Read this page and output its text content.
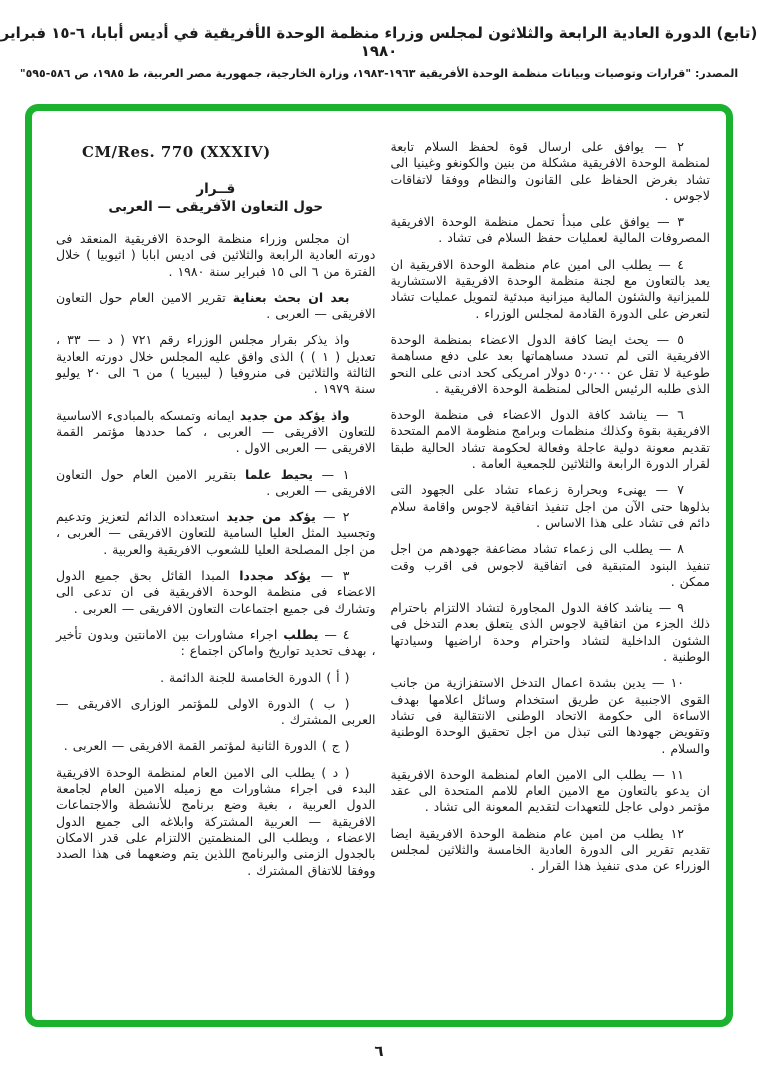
(تابع) الدورة العادية الرابعة والثلاثون لمجلس وزراء منظمة الوحدة الأفريقية في أديس أبابا، ٦-١٥ فبراير ١٩٨٠
المصدر: "قرارات وتوصيات وبيانات منظمة الوحدة الأفريقية ١٩٦٣-١٩٨٣، وزارة الخارجية، جمهورية مصر العربية، ط ١٩٨٥، ص ٥٨٦-٥٩٥"

٢ — يوافق على ارسال قوة لحفظ السلام تابعة لمنظمة الوحدة الافريقية مشكلة من بنين والكونغو وغينيا الى تشاد بغرض الحفاظ على القانون والنظام ووفقا لاتفاقات لاجوس .

٣ — يوافق على مبدأ تحمل منظمة الوحدة الافريقية المصروفات المالية لعمليات حفظ السلام فى تشاد .

٤ — يطلب الى امين عام منظمة الوحدة الافريقية ان يعد بالتعاون مع لجنة منظمة الوحدة الافريقية الاستشارية للميزانية والشئون المالية ميزانية مبدئية لتمويل عمليات تشاد لتعرض على الدورة القادمة لمجلس الوزراء .

٥ — يحث ايضا كافة الدول الاعضاء بمنظمة الوحدة الافريقية التى لم تسدد مساهماتها بعد على دفع مساهمة طوعية لا تقل عن ٥٠٫٠٠٠ دولار امريكى كحد ادنى على النحو الذى طلبه الرئيس الحالى لمنظمة الوحدة الافريقية .

٦ — يناشد كافة الدول الاعضاء فى منظمة الوحدة الافريقية بقوة وكذلك منظمات وبرامج منظومة الامم المتحدة تقديم معونة دولية عاجلة وفعالة لحكومة تشاد الحالية طبقا لقرار الدورة الرابعة والثلاثين للجمعية العامة .

٧ — يهنىء وبحرارة زعماء تشاد على الجهود التى بذلوها حتى الآن من اجل تنفيذ اتفاقية لاجوس واقامة سلام دائم فى تشاد على هذا الاساس .

٨ — يطلب الى زعماء تشاد مضاعفة جهودهم من اجل تنفيذ البنود المتبقية فى اتفاقية لاجوس فى اقرب وقت ممكن .

٩ — يناشد كافة الدول المجاورة لتشاد الالتزام باحترام ذلك الجزء من اتفاقية لاجوس الذى يتعلق بعدم التدخل فى الشئون الداخلية لتشاد واحترام وحدة اراضيها وسيادتها الوطنية .

١٠ — يدين بشدة اعمال التدخل الاستفزازية من جانب القوى الاجنبية عن طريق استخدام وسائل اعلامها بهدف الاساءة الى حكومة الاتحاد الوطنى الانتقالية فى تشاد وتقويض جهودها التى تبذل من اجل تحقيق الوحدة الوطنية والسلام .

١١ — يطلب الى الامين العام لمنظمة الوحدة الافريقية ان يدعو بالتعاون مع الامين العام للامم المتحدة الى عقد مؤتمر دولى عاجل للتعهدات لتقديم المعونة الى تشاد .

١٢ يطلب من امين عام منظمة الوحدة الافريقية ايضا تقديم تقرير الى الدورة العادية الخامسة والثلاثين لمجلس الوزراء عن مدى تنفيذ هذا القرار .

CM/Res. 770 (XXXIV)
قــرار
حول التعاون الآفريقى — العربى

ان مجلس وزراء منظمة الوحدة الافريقية المنعقد فى دورته العادية الرابعة والثلاثين فى اديس ابابا ( اثيوبيا ) خلال الفترة من ٦ الى ١٥ فبراير سنة ١٩٨٠ .

بعد ان بحث بعناية تقرير الامين العام حول التعاون الافريقى — العربى .

واذ يذكر بقرار مجلس الوزراء رقم ٧٢١ ( د — ٣٣ ، تعديل ( ١ ) ) الذى وافق عليه المجلس خلال دورته العادية الثالثة والثلاثين فى منروفيا ( ليبيريا ) من ٦ الى ٢٠ يوليو سنة ١٩٧٩ .

واذ يؤكد من جديد ايمانه وتمسكه بالمبادىء الاساسية للتعاون الافريقى — العربى ، كما حددها مؤتمر القمة الافريقى — العربى الاول .

١ — يحيط علما بتقرير الامين العام حول التعاون الافريقى — العربى .

٢ — يؤكد من جديد استعداده الدائم لتعزيز وتدعيم وتجسيد المثل العليا السامية للتعاون الافريقى — العربى ، من اجل المصلحة العليا للشعوب الافريقية والعربية .

٣ — يؤكد مجددا المبدا القائل بحق جميع الدول الاعضاء فى منظمة الوحدة الافريقية فى ان تدعى الى وتشارك فى جميع اجتماعات التعاون الافريقى — العربى .

٤ — يطلب اجراء مشاورات بين الامانتين وبدون تأخير ، بهدف تحديد تواريخ واماكن اجتماع :

( أ ) الدورة الخامسة للجنة الدائمة .

( ب ) الدورة الاولى للمؤتمر الوزارى الافريقى — العربى المشترك .

( ج ) الدورة الثانية لمؤتمر القمة الافريقى — العربى .

( د ) يطلب الى الامين العام لمنظمة الوحدة الافريقية البدء فى اجراء مشاورات مع زميله الامين العام لجامعة الدول العربية ، بغية وضع برنامج للأنشطة والاجتماعات الافريقية — العربية المشتركة وابلاغه الى جميع الدول الاعضاء ، ويطلب الى المنظمتين الالتزام على قدر الامكان بالجدول الزمنى والبرنامج اللذين يتم وضعهما فى هذا الصدد ووفقا للاتفاق المشترك .

٦
